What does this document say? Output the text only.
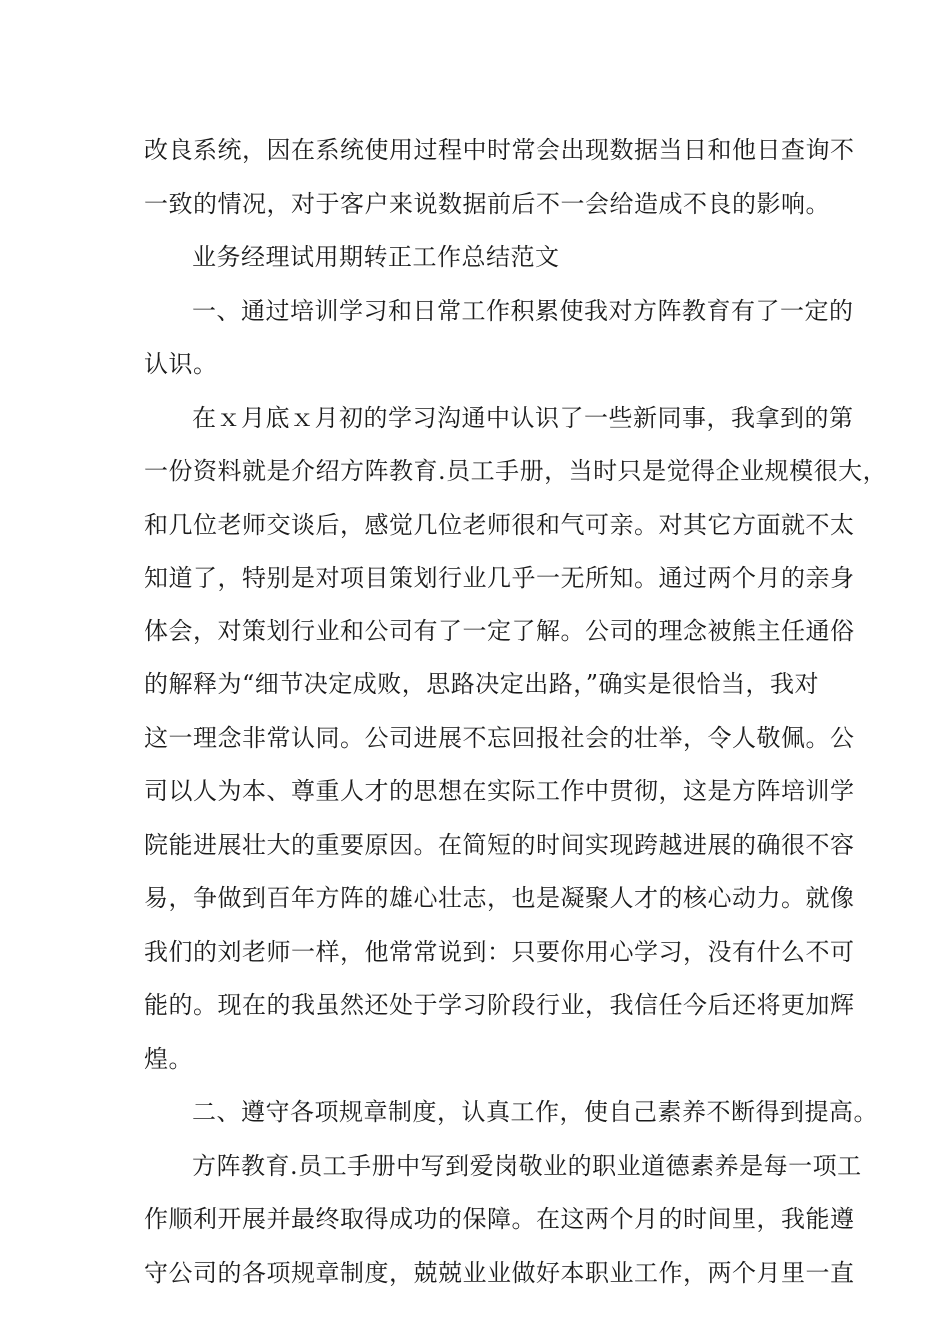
改良系统，因在系统使用过程中时常会出现数据当日和他日查询不
一致的情况，对于客户来说数据前后不一会给造成不良的影响。
业务经理试用期转正工作总结范文
一、通过培训学习和日常工作积累使我对方阵教育有了一定的
认识。
在ｘ月底ｘ月初的学习沟通中认识了一些新同事，我拿到的第
一份资料就是介绍方阵教育.员工手册，当时只是觉得企业规模很大，
和几位老师交谈后，感觉几位老师很和气可亲。对其它方面就不太
知道了，特别是对项目策划行业几乎一无所知。通过两个月的亲身
体会，对策划行业和公司有了一定了解。公司的理念被熊主任通俗
的解释为“细节决定成败，思路决定出路，”确实是很恰当，我对
这一理念非常认同。公司进展不忘回报社会的壮举，令人敬佩。公
司以人为本、尊重人才的思想在实际工作中贯彻，这是方阵培训学
院能进展壮大的重要原因。在简短的时间实现跨越进展的确很不容
易，争做到百年方阵的雄心壮志，也是凝聚人才的核心动力。就像
我们的刘老师一样，他常常说到：只要你用心学习，没有什么不可
能的。现在的我虽然还处于学习阶段行业，我信任今后还将更加辉
煌。
二、遵守各项规章制度，认真工作，使自己素养不断得到提高。
方阵教育.员工手册中写到爱岗敬业的职业道德素养是每一项工
作顺利开展并最终取得成功的保障。在这两个月的时间里，我能遵
守公司的各项规章制度，兢兢业业做好本职业工作，两个月里一直
